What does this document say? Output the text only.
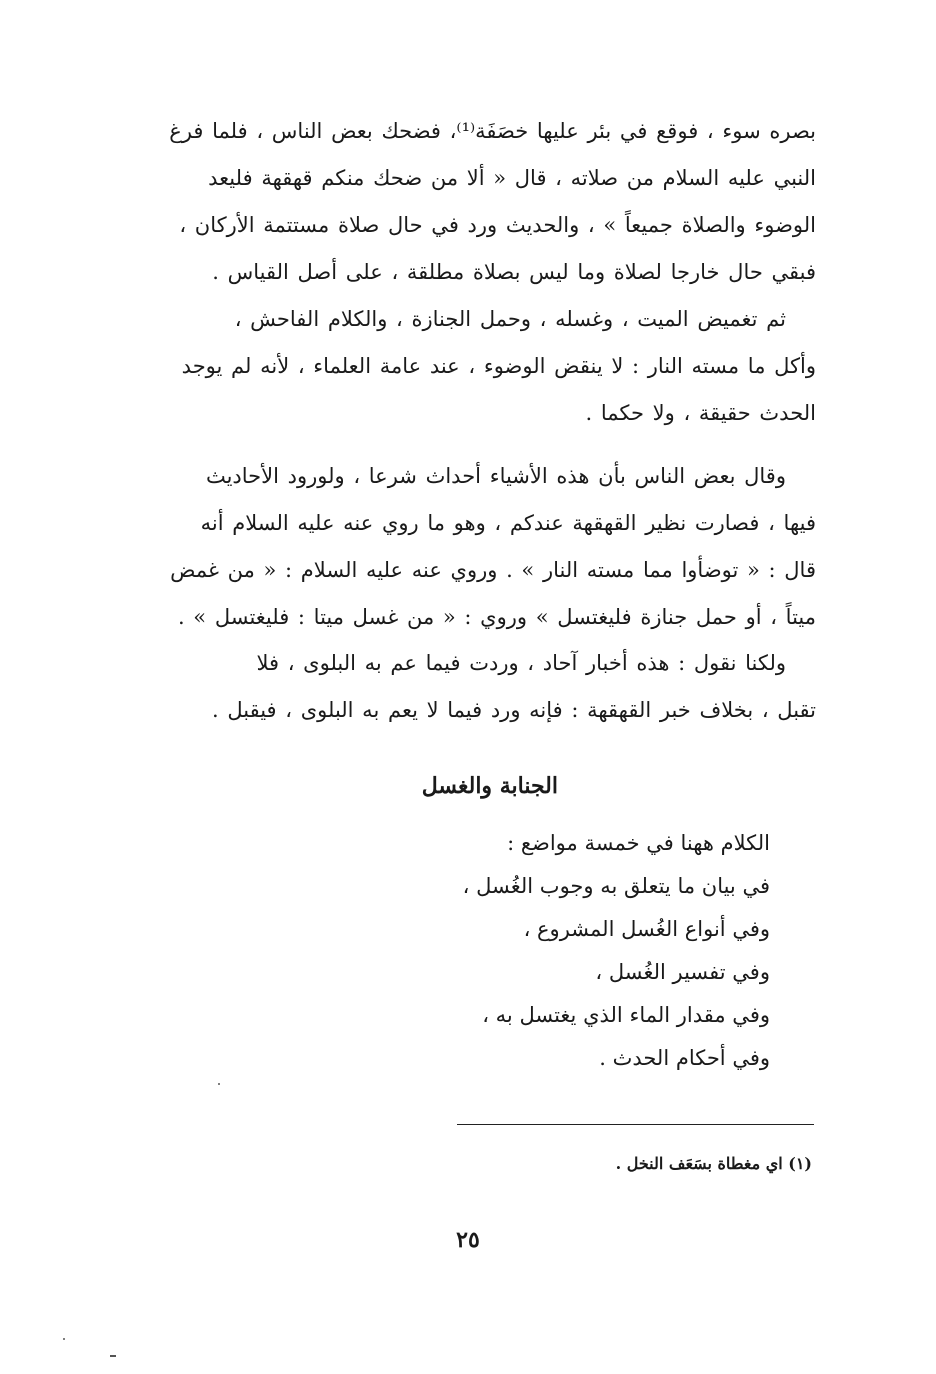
بصره سوء ، فوقع في بئر عليها خصَفَة⁽¹⁾، فضحك بعض الناس ، فلما فرغ
النبي عليه السلام من صلاته ، قال « ألا من ضحك منكم قهقهة فليعد
الوضوء والصلاة جميعاً » ، والحديث ورد في حال صلاة مستتمة الأركان ،
فبقي حال خارجا لصلاة وما ليس بصلاة مطلقة ، على أصل القياس .
ثم تغميض الميت ، وغسله ، وحمل الجنازة ، والكلام الفاحش ،
وأكل ما مسته النار : لا ينقض الوضوء ، عند عامة العلماء ، لأنه لم يوجد
الحدث حقيقة ، ولا حكما .
وقال بعض الناس بأن هذه الأشياء أحداث شرعا ، ولورود الأحاديث
فيها ، فصارت نظير القهقهة عندكم ، وهو ما روي عنه عليه السلام أنه
قال : « توضأوا مما مسته النار » . وروي عنه عليه السلام : « من غمض
ميتاً ، أو حمل جنازة فليغتسل » وروي : « من غسل ميتا : فليغتسل » .
ولكنا نقول : هذه أخبار آحاد ، وردت فيما عم به البلوى ، فلا
تقبل ، بخلاف خبر القهقهة : فإنه ورد فيما لا يعم به البلوى ، فيقبل .
الجنابة والغسل
الكلام ههنا في خمسة مواضع :
في بيان ما يتعلق به وجوب الغُسل ،
وفي أنواع الغُسل المشروع ،
وفي تفسير الغُسل ،
وفي مقدار الماء الذي يغتسل به ،
وفي أحكام الحدث .
(١) اي مغطاة بسَعَف النخل .
٢٥
